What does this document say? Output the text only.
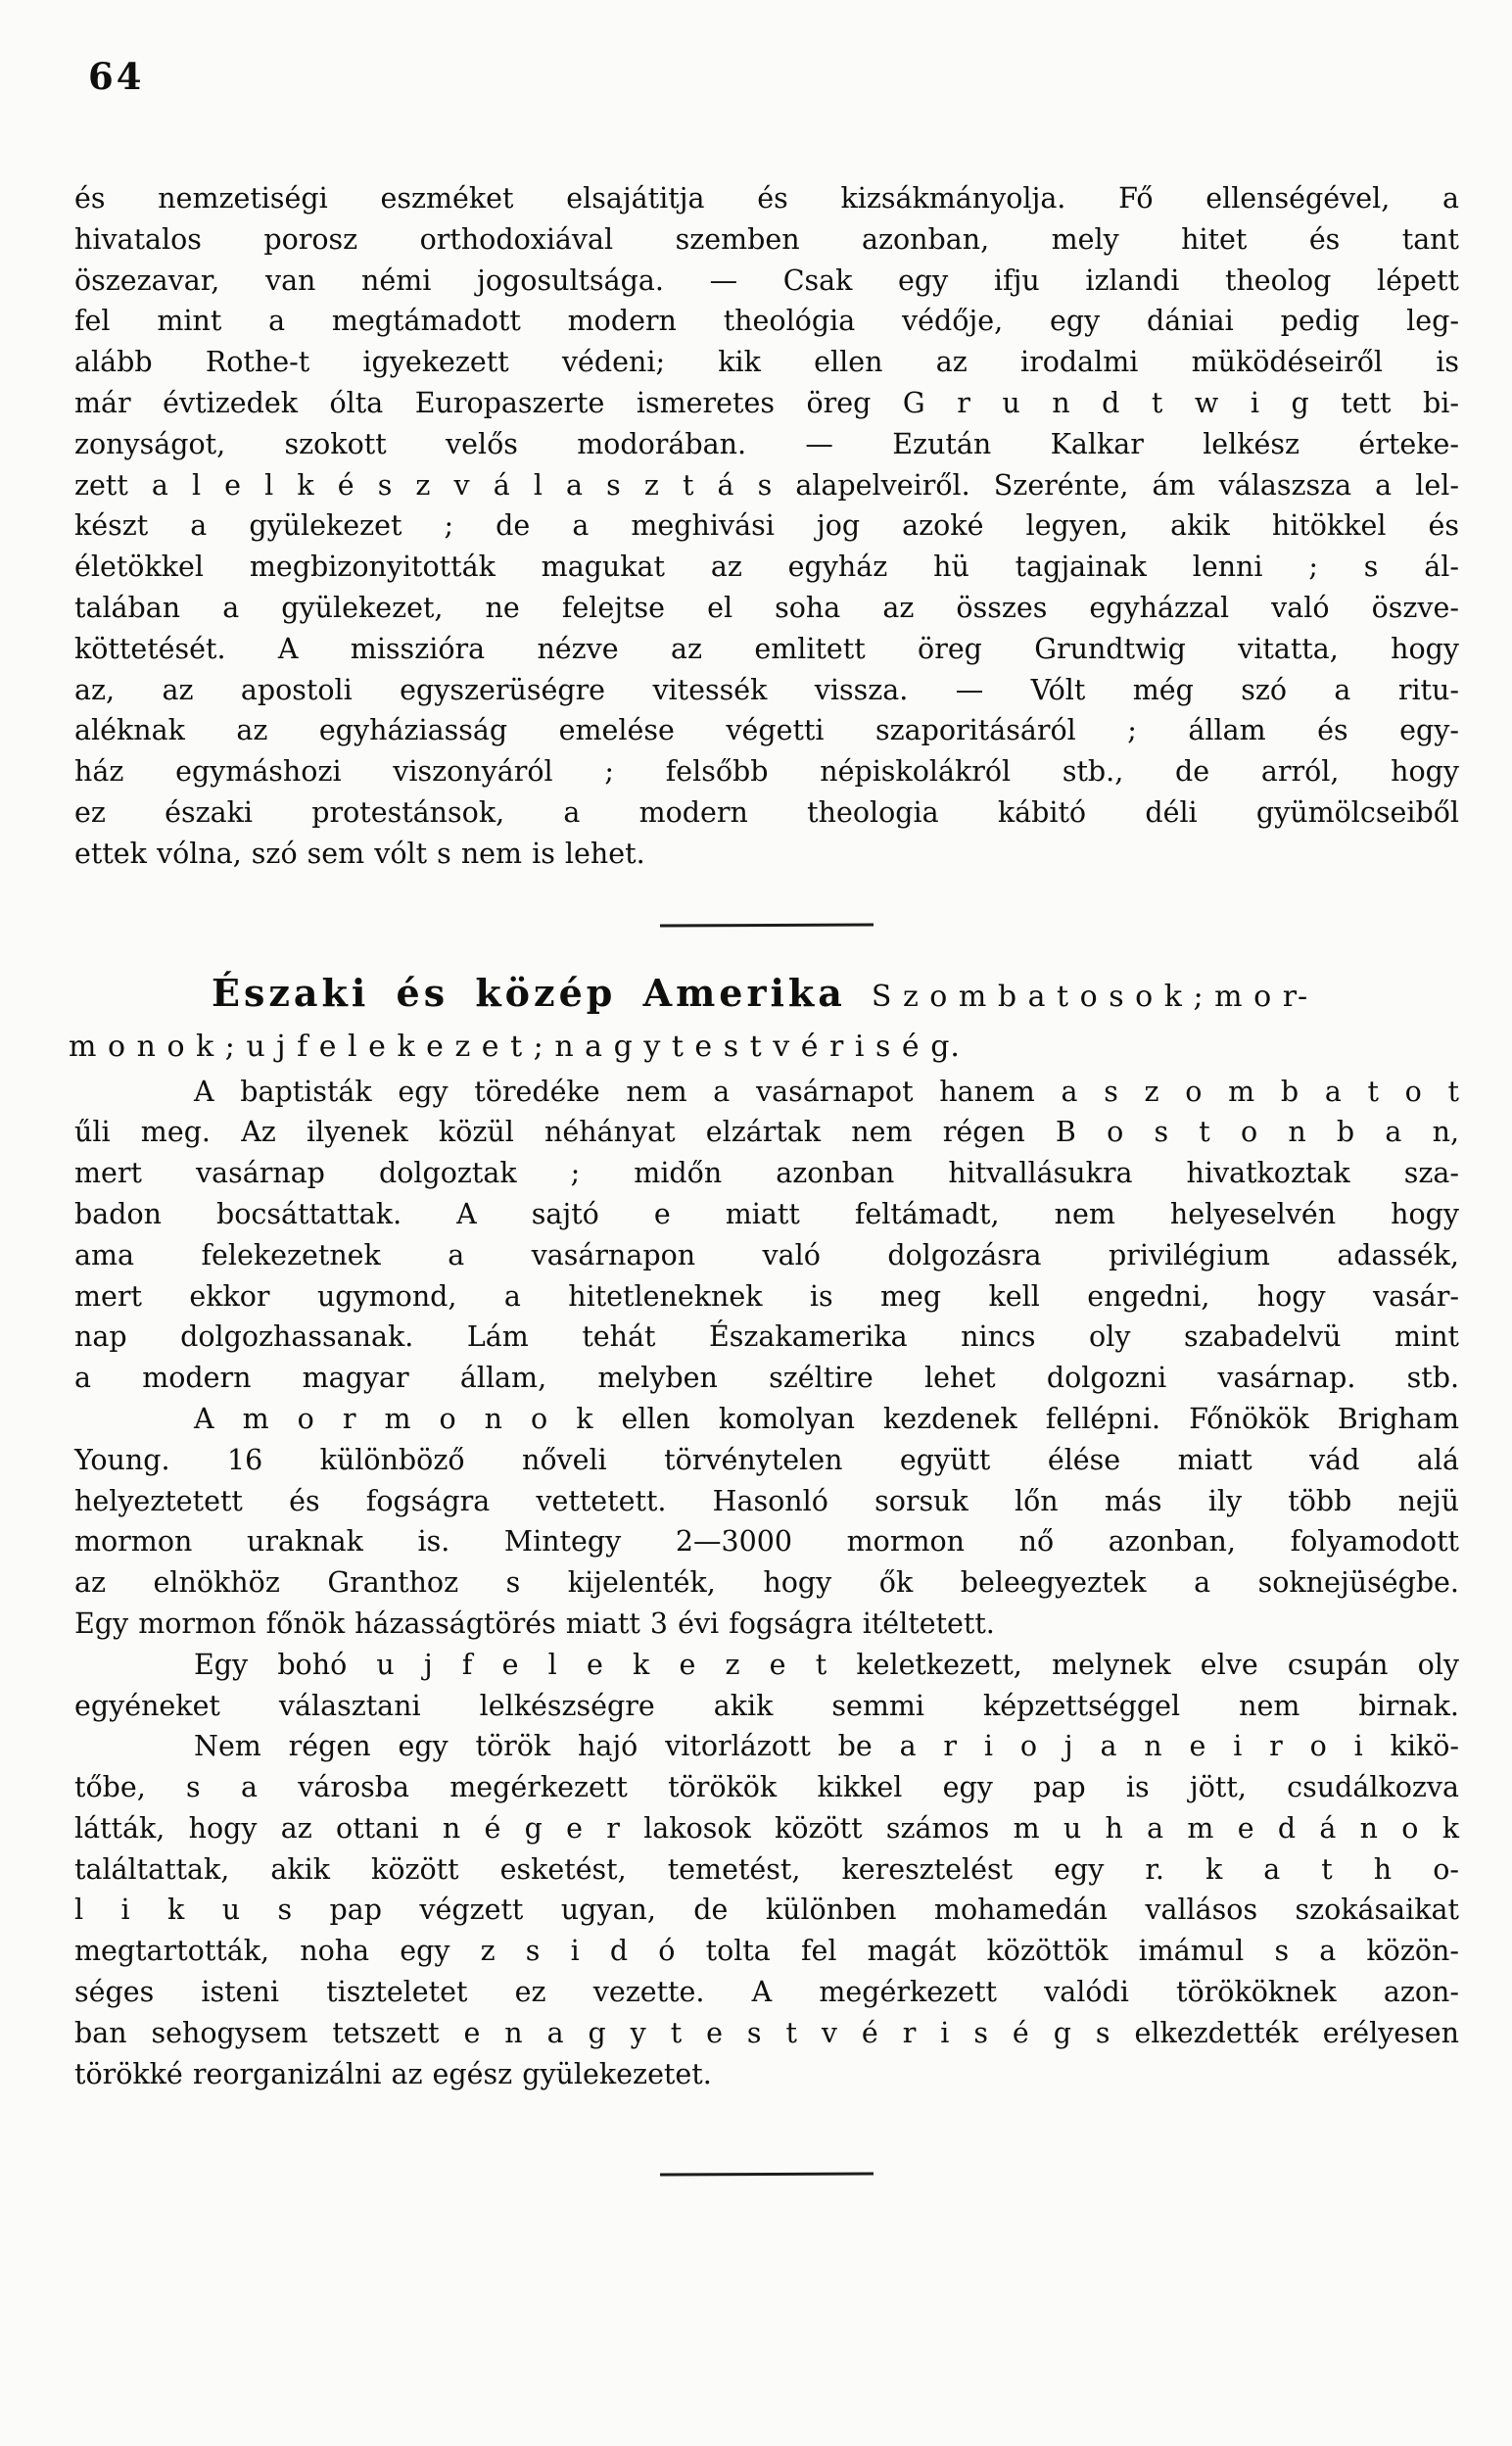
64
és nemzetiségi eszméket elsajátitja és kizsákmányolja. Fő ellenségével, a
hivatalos porosz orthodoxiával szemben azonban, mely hitet és tant
öszezavar, van némi jogosultsága. — Csak egy ifju izlandi theolog lépett
fel mint a megtámadott modern theológia védője, egy dániai pedig leg-
alább Rothe-t igyekezett védeni; kik ellen az irodalmi müködéseiről is
már évtizedek ólta Europaszerte ismeretes öreg G r u n d t w i g tett bi-
zonyságot, szokott velős modorában. — Ezután Kalkar lelkész érteke-
zett a l e l k é s z v á l a s z t á s alapelveiről. Szerénte, ám válaszsza a lel-
készt a gyülekezet ; de a meghivási jog azoké legyen, akik hitökkel és
életökkel megbizonyitották magukat az egyház hü tagjainak lenni ; s ál-
talában a gyülekezet, ne felejtse el soha az összes egyházzal való öszve-
köttetését. A misszióra nézve az emlitett öreg Grundtwig vitatta, hogy
az, az apostoli egyszerüségre vitessék vissza. — Vólt még szó a ritu-
aléknak az egyháziasság emelése végetti szaporitásáról ; állam és egy-
ház egymáshozi viszonyáról ; felsőbb népiskolákról stb., de arról, hogy
ez északi protestánsok, a modern theologia kábitó déli gyümölcseiből
ettek vólna, szó sem vólt s nem is lehet.
Északi és közép Amerika S z o m b a t o s o k ; m o r-
m o n o k ; u j f e l e k e z e t ; n a g y t e s t v é r i s é g.
A baptisták egy töredéke nem a vasárnapot hanem a s z o m b a t o t
űli meg. Az ilyenek közül néhányat elzártak nem régen B o s t o n b a n,
mert vasárnap dolgoztak ; midőn azonban hitvallásukra hivatkoztak sza-
badon bocsáttattak. A sajtó e miatt feltámadt, nem helyeselvén hogy
ama felekezetnek a vasárnapon való dolgozásra privilégium adassék,
mert ekkor ugymond, a hitetleneknek is meg kell engedni, hogy vasár-
nap dolgozhassanak. Lám tehát Északamerika nincs oly szabadelvü mint
a modern magyar állam, melyben széltire lehet dolgozni vasárnap. stb.
A m o r m o n o k ellen komolyan kezdenek fellépni. Főnökök Brigham
Young. 16 különböző nőveli törvénytelen együtt élése miatt vád alá
helyeztetett és fogságra vettetett. Hasonló sorsuk lőn más ily több nejü
mormon uraknak is. Mintegy 2—3000 mormon nő azonban, folyamodott
az elnökhöz Granthoz s kijelenték, hogy ők beleegyeztek a soknejüségbe.
Egy mormon főnök házasságtörés miatt 3 évi fogságra itéltetett.
Egy bohó u j f e l e k e z e t keletkezett, melynek elve csupán oly
egyéneket választani lelkészségre akik semmi képzettséggel nem birnak.
Nem régen egy török hajó vitorlázott be a r i o j a n e i r o i kikö-
tőbe, s a városba megérkezett törökök kikkel egy pap is jött, csudálkozva
látták, hogy az ottani n é g e r lakosok között számos m u h a m e d á n o k
találtattak, akik között esketést, temetést, keresztelést egy r. k a t h o-
l i k u s pap végzett ugyan, de különben mohamedán vallásos szokásaikat
megtartották, noha egy z s i d ó tolta fel magát közöttök imámul s a közön-
séges isteni tiszteletet ez vezette. A megérkezett valódi törököknek azon-
ban sehogysem tetszett e n a g y t e s t v é r i s é g s elkezdették erélyesen
törökké reorganizálni az egész gyülekezetet.
